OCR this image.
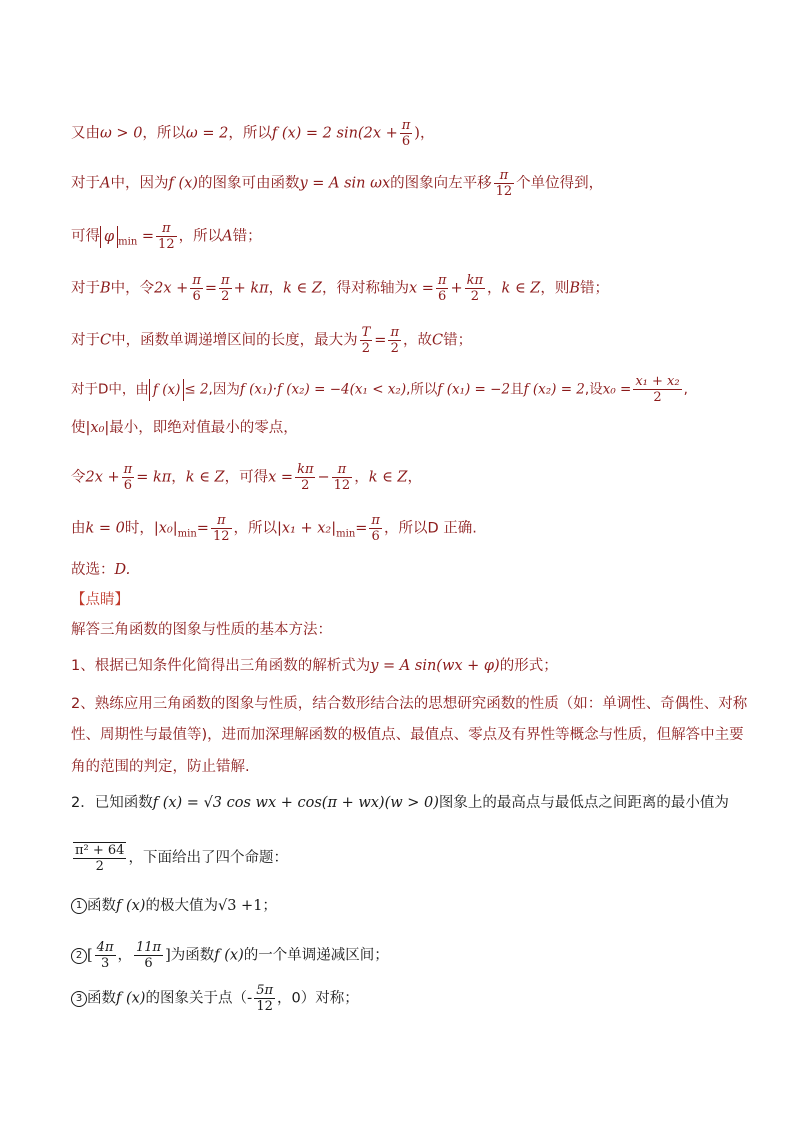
又由ω > 0，所以ω = 2，所以f (x) = 2 $\sin(2x + \frac{\pi}{6}$ )，
对于A中，因为f (x)的图象可由函数y = A sin ωx的图象向左平移 $\frac{\pi}{12}$ 个单位得到，
可得 φ $_{min} = \frac{\pi}{12}$ ，所以A错；
对于B中，令$2x + \frac{\pi}{6} = \frac{\pi}{2} + k\pi$，k ∈ Z，得对称轴为$x = \frac{\pi}{6} + \frac{k\pi}{2}$ ，k ∈ Z，则B错；
对于C中，函数单调递增区间的长度，最大为 $\frac{T}{2} = \frac{\pi}{2}$ ，故C错；
对于D中，由 f (x) ≤ 2,因为f (x₁)·f (x₂) = −4(x₁ < x₂),所以f (x₁) = −2且f (x₂) = 2,设$x_0 = \frac{\text{x₁ + x₂}}{2}$ ,
使|x₀|最小，即绝对值最小的零点，
令$2x + \frac{\pi}{6} = k\pi$，k ∈ Z，可得$x = \frac{k\pi}{2} - \frac{\pi}{12}$ ，k ∈ Z，
由k = 0时，$|x_0|_{min}= \frac{\pi}{12}$ ，所以$|x_1 + x_2|_{min}= \frac{\pi}{6}$ ，所以D 正确.
故选：D.
【点睛】
解答三角函数的图象与性质的基本方法：
1、根据已知条件化简得出三角函数的解析式为y = A sin(wx + φ)的形式；
2、熟练应用三角函数的图象与性质，结合数形结合法的思想研究函数的性质（如：单调性、奇偶性、对称
性、周期性与最值等)，进而加深理解函数的极值点、最值点、零点及有界性等概念与性质，但解答中主要
角的范围的判定，防止错解.
2．已知函数f (x) = √3 cos wx + cos(π + wx)(w > 0)图象上的最高点与最低点之间距离的最小值为
$\frac{\text{π² + 64}}{2}$ ，下面给出了四个命题：
1 函数f (x)的极大值为√3 +1；
2 [ $\frac{4\pi}{3}$ ， $\frac{11\pi}{6}$ ]为函数f (x)的一个单调递减区间；
3 函数f (x)的图象关于点（- $\frac{5\pi}{12}$ ，0）对称；
